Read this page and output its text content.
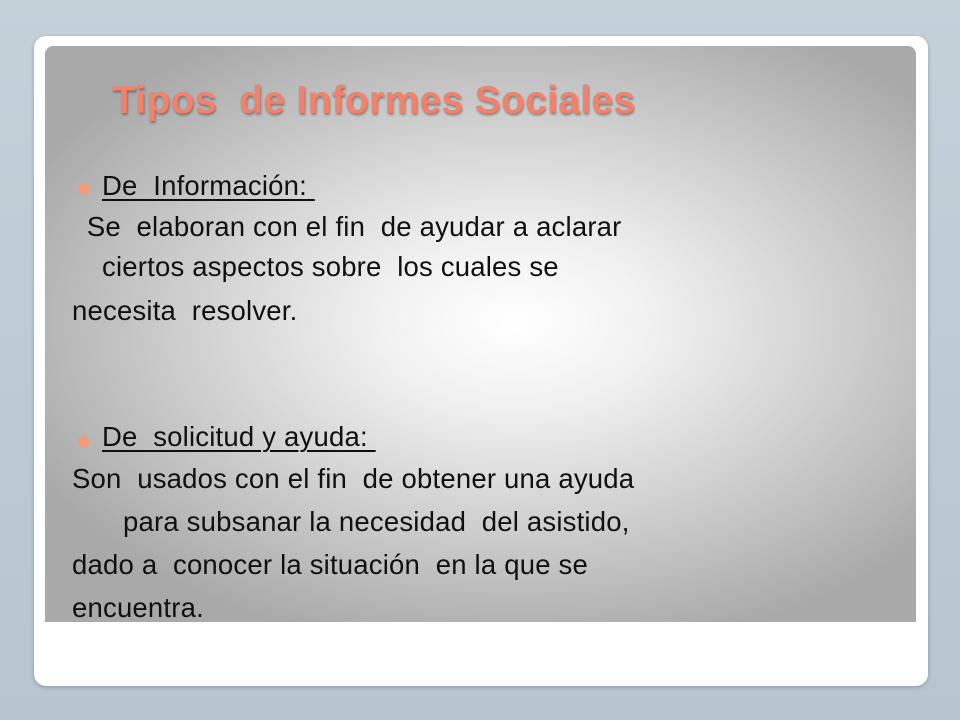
Tipos  de Informes Sociales

De  Información:

Se  elaboran con el fin  de ayudar a aclarar

ciertos aspectos sobre  los cuales se

necesita  resolver.

De  solicitud y ayuda:

Son  usados con el fin  de obtener una ayuda

para subsanar la necesidad  del asistido,

dado a  conocer la situación  en la que se

encuentra.
